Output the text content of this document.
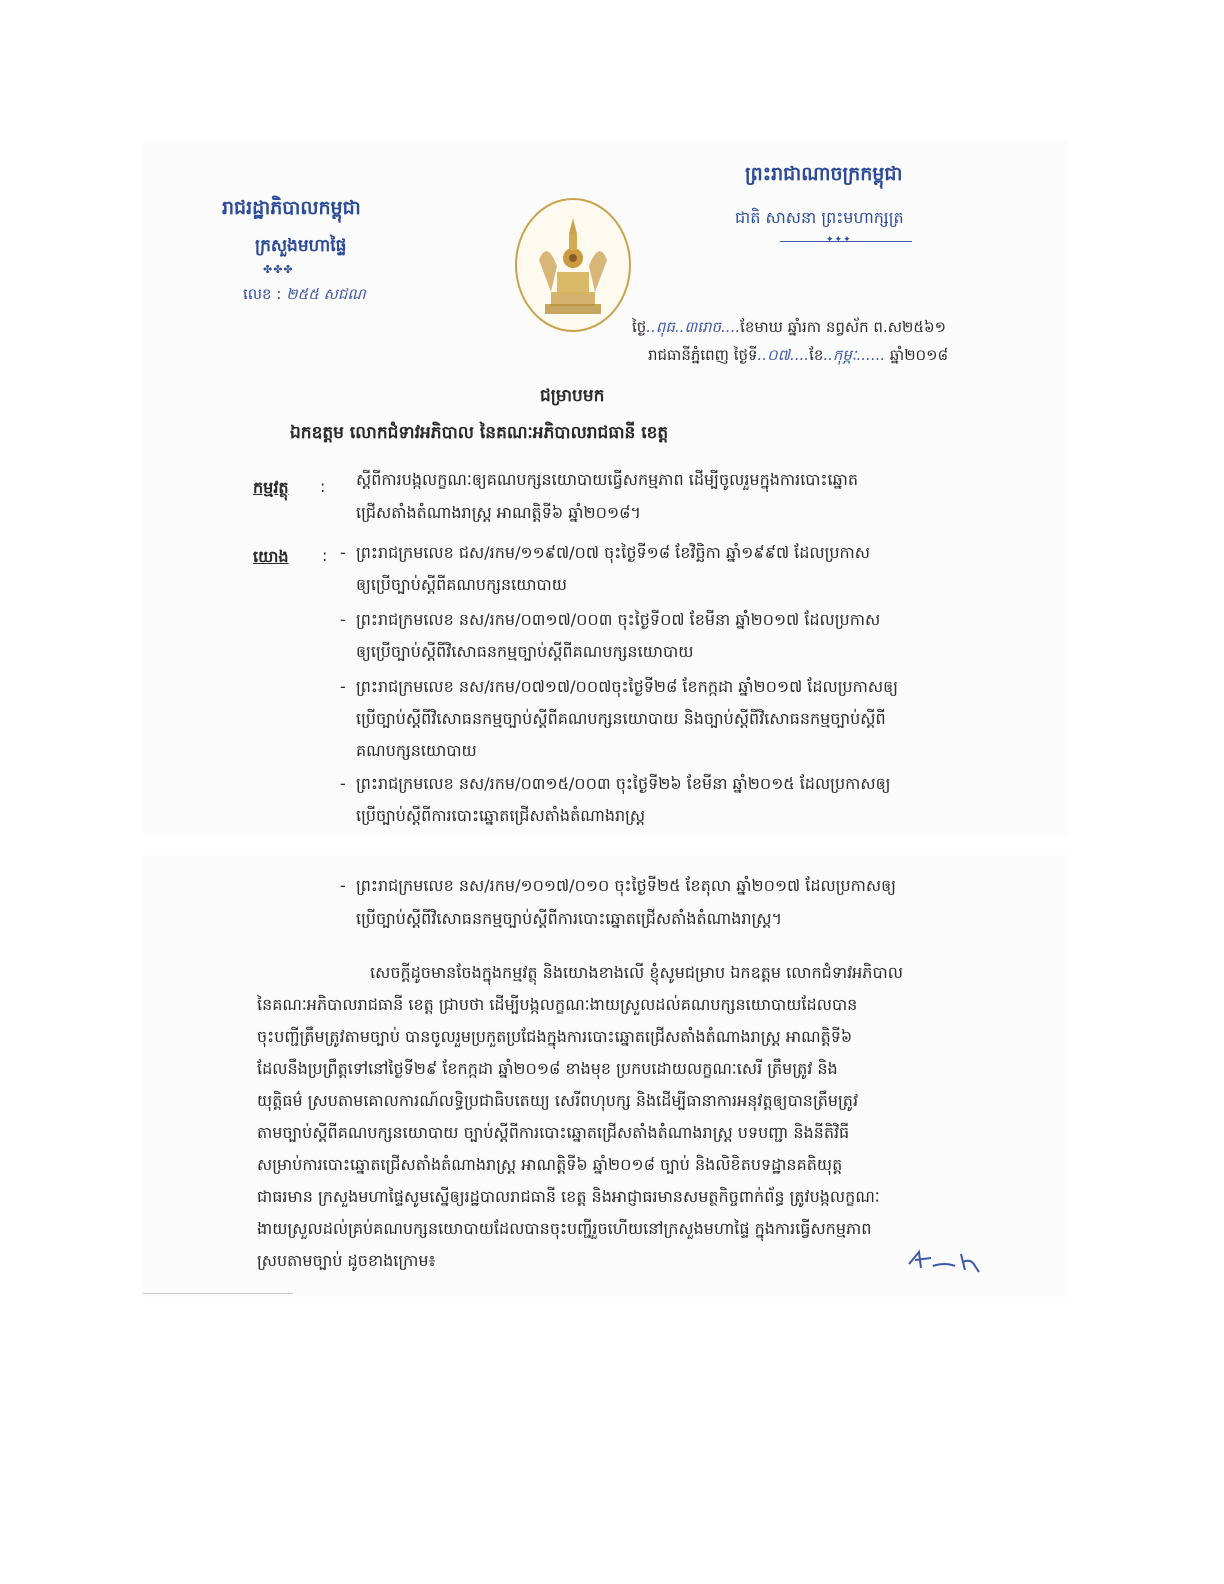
ព្រះរាជាណាចក្រកម្ពុជា
ជាតិ សាសនា ព្រះមហាក្សត្រ
✦✦✦
រាជរដ្ឋាភិបាលកម្ពុជា
ក្រសួងមហាផ្ទៃ
✤✤✤
លេខ : ២៥៥ សជណ
ថ្ងៃ..ពុធ..៣រោច....ខែមាឃ ឆ្នាំរកា នព្វស័ក ព.ស២៥៦១
រាជធានីភ្នំពេញ ថ្ងៃទី..០៧....ខែ..កុម្ភៈ...... ឆ្នាំ២០១៨
ជម្រាបមក
ឯកឧត្តម លោកជំទាវអភិបាល នៃគណៈអភិបាលរាជធានី ខេត្ត
កម្មវត្ថុ : ស្ដីពីការបង្កលក្ខណៈឲ្យគណបក្សនយោបាយធ្វើសកម្មភាព ដើម្បីចូលរួមក្នុងការបោះឆ្នោត
ជ្រើសតាំងតំណាងរាស្ត្រ អាណត្តិទី៦ ឆ្នាំ២០១៨។
យោង : - ព្រះរាជក្រមលេខ ជស/រកម/១១៩៧/០៧ ចុះថ្ងៃទី១៨ ខែវិច្ឆិកា ឆ្នាំ១៩៩៧ ដែលប្រកាស
ឲ្យប្រើច្បាប់ស្ដីពីគណបក្សនយោបាយ
- ព្រះរាជក្រមលេខ នស/រកម/០៣១៧/០០៣ ចុះថ្ងៃទី០៧ ខែមីនា ឆ្នាំ២០១៧ ដែលប្រកាស
ឲ្យប្រើច្បាប់ស្ដីពីវិសោធនកម្មច្បាប់ស្ដីពីគណបក្សនយោបាយ
- ព្រះរាជក្រមលេខ នស/រកម/០៧១៧/០០៧ចុះថ្ងៃទី២៨ ខែកក្កដា ឆ្នាំ២០១៧ ដែលប្រកាសឲ្យ
ប្រើច្បាប់ស្ដីពីវិសោធនកម្មច្បាប់ស្ដីពីគណបក្សនយោបាយ និងច្បាប់ស្ដីពីវិសោធនកម្មច្បាប់ស្ដីពី
គណបក្សនយោបាយ
- ព្រះរាជក្រមលេខ នស/រកម/០៣១៥/០០៣ ចុះថ្ងៃទី២៦ ខែមីនា ឆ្នាំ២០១៥ ដែលប្រកាសឲ្យ
ប្រើច្បាប់ស្ដីពីការបោះឆ្នោតជ្រើសតាំងតំណាងរាស្ត្រ
- ព្រះរាជក្រមលេខ នស/រកម/១០១៧/០១០ ចុះថ្ងៃទី២៥ ខែតុលា ឆ្នាំ២០១៧ ដែលប្រកាសឲ្យ
ប្រើច្បាប់ស្ដីពីវិសោធនកម្មច្បាប់ស្ដីពីការបោះឆ្នោតជ្រើសតាំងតំណាងរាស្ត្រ។
សេចក្ដីដូចមានចែងក្នុងកម្មវត្ថុ និងយោងខាងលើ ខ្ញុំសូមជម្រាប ឯកឧត្តម លោកជំទាវអភិបាល
នៃគណៈអភិបាលរាជធានី ខេត្ត ជ្រាបថា ដើម្បីបង្កលក្ខណៈងាយស្រួលដល់គណបក្សនយោបាយដែលបាន
ចុះបញ្ជីត្រឹមត្រូវតាមច្បាប់ បានចូលរួមប្រកួតប្រជែងក្នុងការបោះឆ្នោតជ្រើសតាំងតំណាងរាស្ត្រ អាណត្តិទី៦
ដែលនឹងប្រព្រឹត្តទៅនៅថ្ងៃទី២៩ ខែកក្កដា ឆ្នាំ២០១៨ ខាងមុខ ប្រកបដោយលក្ខណៈសេរី ត្រឹមត្រូវ និង
យុត្តិធម៌ ស្របតាមគោលការណ៍លទ្ធិប្រជាធិបតេយ្យ សេរីពហុបក្ស និងដើម្បីធានាការអនុវត្តឲ្យបានត្រឹមត្រូវ
តាមច្បាប់ស្ដីពីគណបក្សនយោបាយ ច្បាប់ស្ដីពីការបោះឆ្នោតជ្រើសតាំងតំណាងរាស្ត្រ បទបញ្ជា និងនីតិវិធី
សម្រាប់ការបោះឆ្នោតជ្រើសតាំងតំណាងរាស្ត្រ អាណត្តិទី៦ ឆ្នាំ២០១៨ ច្បាប់ និងលិខិតបទដ្ឋានគតិយុត្ត
ជាធរមាន ក្រសួងមហាផ្ទៃសូមស្នើឲ្យរដ្ឋបាលរាជធានី ខេត្ត និងអាជ្ញាធរមានសមត្ថកិច្ចពាក់ព័ន្ធ ត្រូវបង្កលក្ខណៈ
ងាយស្រួលដល់គ្រប់គណបក្សនយោបាយដែលបានចុះបញ្ជីរួចហើយនៅក្រសួងមហាផ្ទៃ ក្នុងការធ្វើសកម្មភាព
ស្របតាមច្បាប់ ដូចខាងក្រោម៖
